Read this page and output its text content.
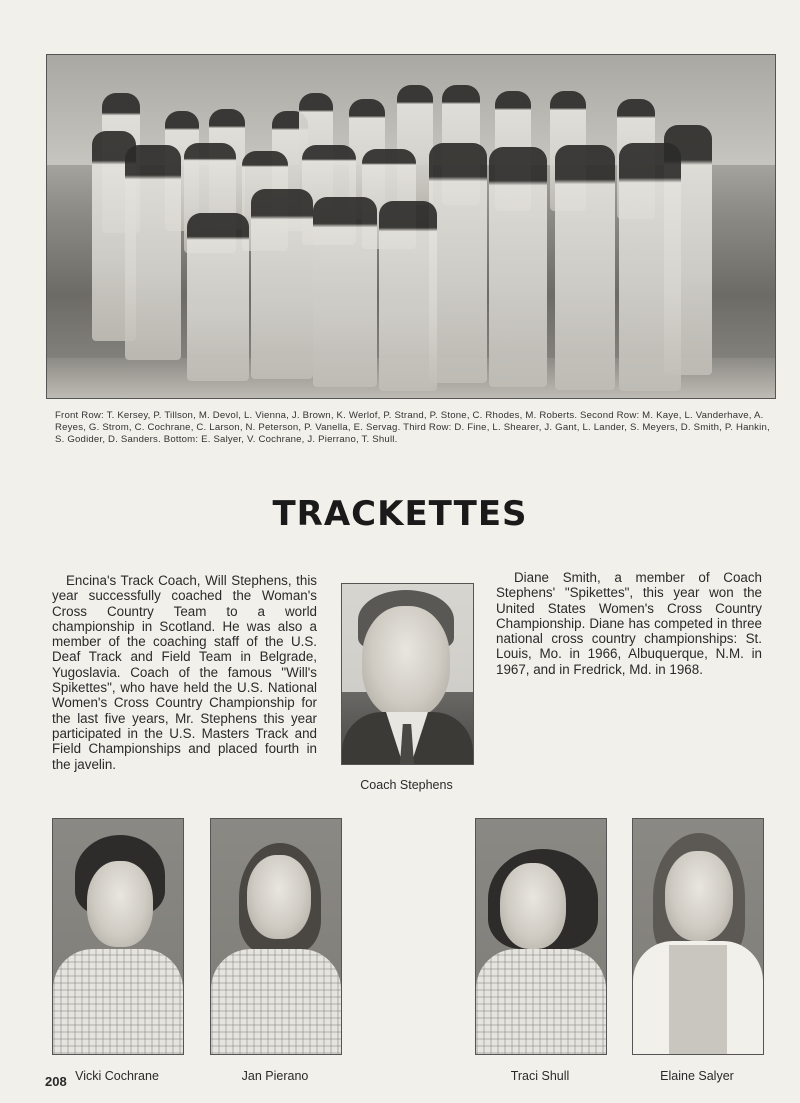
Front Row: T. Kersey, P. Tillson, M. Devol, L. Vienna, J. Brown, K. Werlof, P. Strand, P. Stone, C. Rhodes, M. Roberts. Second Row: M. Kaye, L. Vanderhave, A. Reyes, G. Strom, C. Cochrane, C. Larson, N. Peterson, P. Vanella, E. Servag. Third Row: D. Fine, L. Shearer, J. Gant, L. Lander, S. Meyers, D. Smith, P. Hankin, S. Godider, D. Sanders. Bottom: E. Salyer, V. Cochrane, J. Pierrano, T. Shull.

TRACKETTES

Encina's Track Coach, Will Stephens, this year successfully coached the Woman's Cross Country Team to a world championship in Scotland. He was also a member of the coaching staff of the U.S. Deaf Track and Field Team in Belgrade, Yugoslavia. Coach of the famous "Will's Spikettes", who have held the U.S. National Women's Cross Country Championship for the last five years, Mr. Stephens this year participated in the U.S. Masters Track and Field Championships and placed fourth in the javelin.

Coach Stephens

Diane Smith, a member of Coach Stephens' "Spikettes", this year won the United States Women's Cross Country Championship. Diane has competed in three national cross country championships: St. Louis, Mo. in 1966, Albuquerque, N.M. in 1967, and in Fredrick, Md. in 1968.

Vicki Cochrane	Jan Pierano	Traci Shull	Elaine Salyer
208
